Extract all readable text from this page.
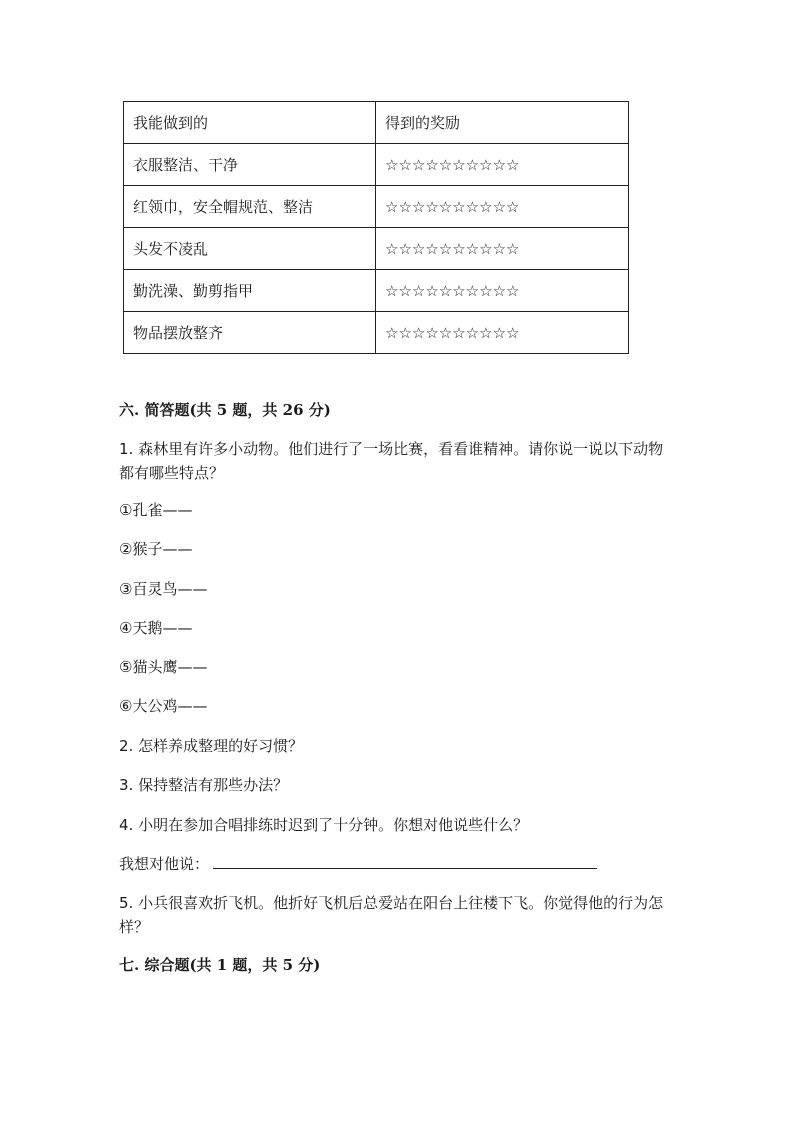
我能做到的	得到的奖励
衣服整洁、干净	☆☆☆☆☆☆☆☆☆☆
红领巾，安全帽规范、整洁	☆☆☆☆☆☆☆☆☆☆
头发不凌乱	☆☆☆☆☆☆☆☆☆☆
勤洗澡、勤剪指甲	☆☆☆☆☆☆☆☆☆☆
物品摆放整齐	☆☆☆☆☆☆☆☆☆☆
六. 简答题(共 5 题，共 26 分)
1. 森林里有许多小动物。他们进行了一场比赛，看看谁精神。请你说一说以下动物都有哪些特点？
①孔雀——
②猴子——
③百灵鸟——
④天鹅——
⑤猫头鹰——
⑥大公鸡——
2. 怎样养成整理的好习惯？
3. 保持整洁有那些办法？
4. 小明在参加合唱排练时迟到了十分钟。你想对他说些什么？
我想对他说：
5. 小兵很喜欢折飞机。他折好飞机后总爱站在阳台上往楼下飞。你觉得他的行为怎样？
七. 综合题(共 1 题，共 5 分)
